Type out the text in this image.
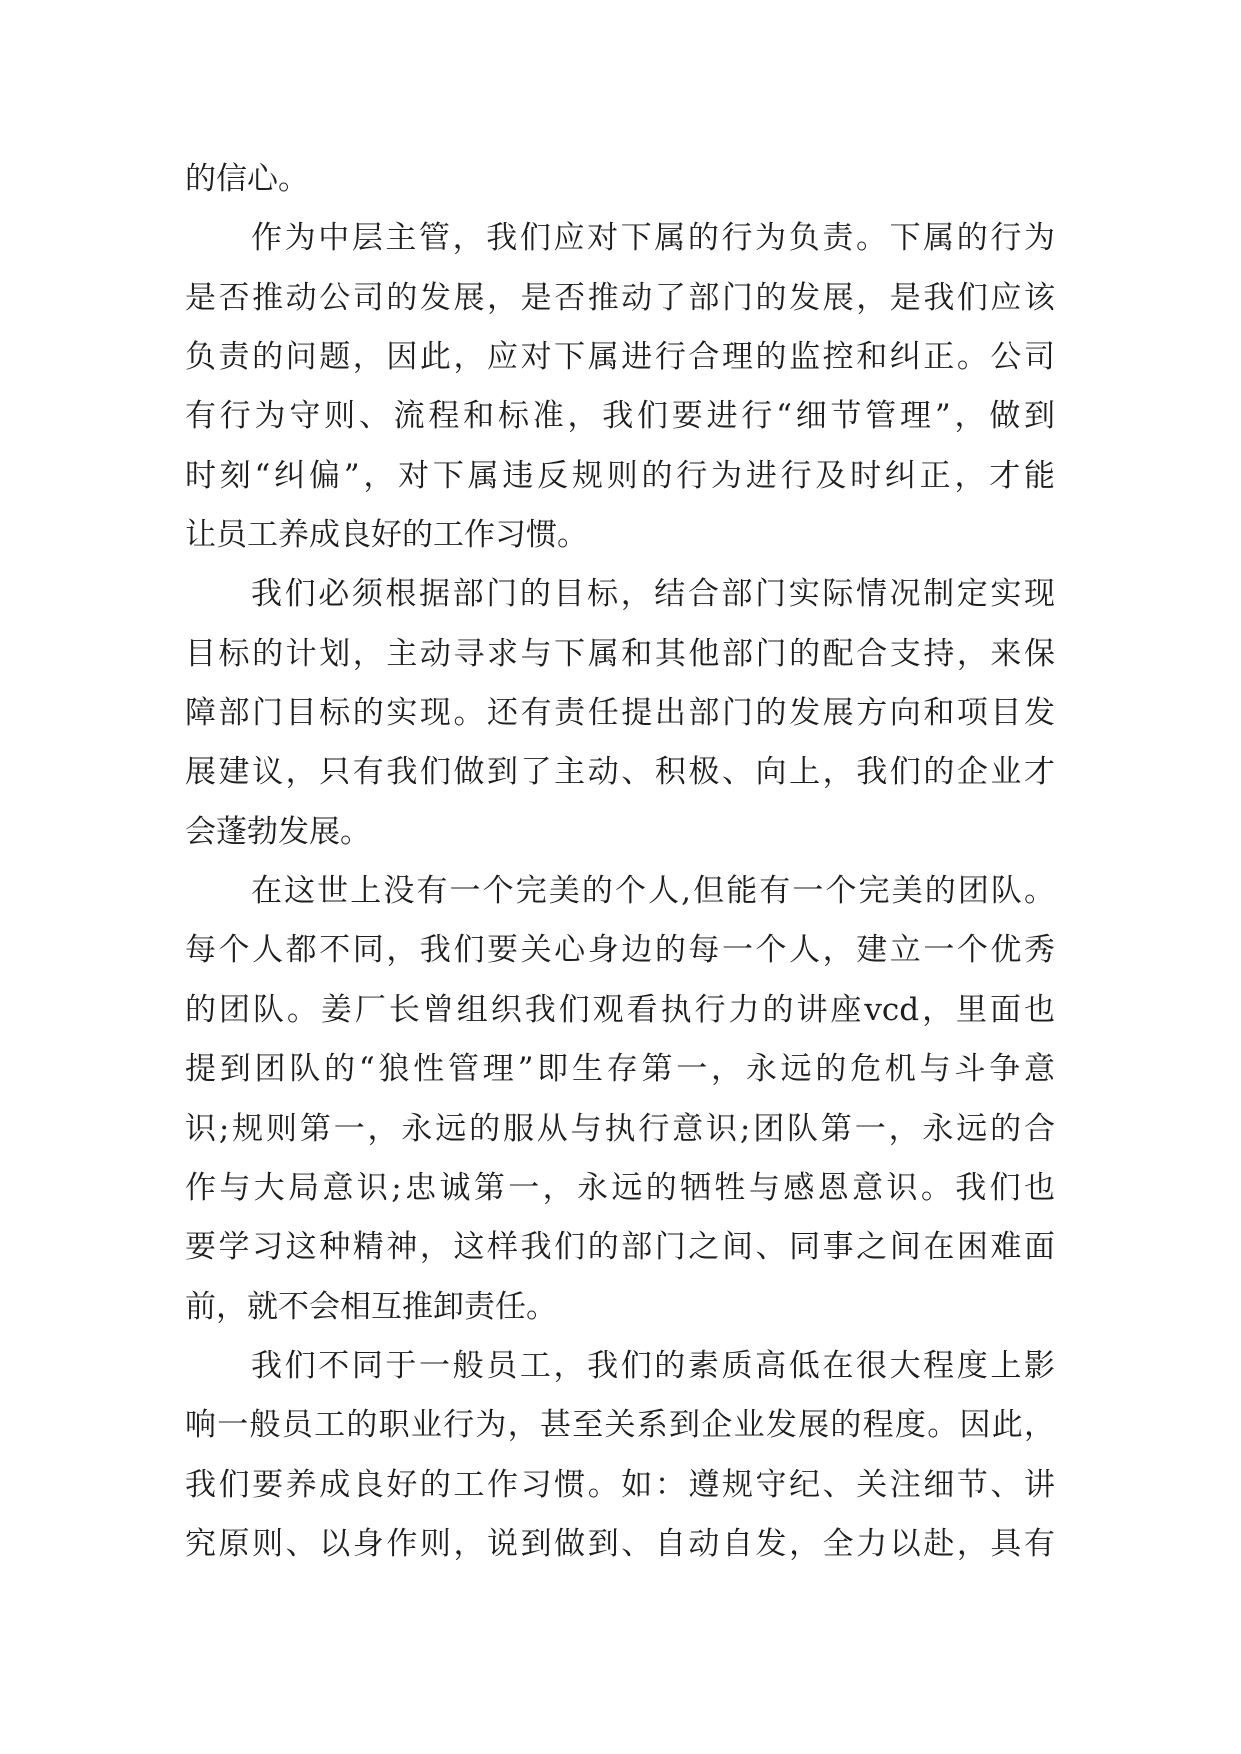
的信心。
作为中层主管，我们应对下属的行为负责。下属的行为
是否推动公司的发展，是否推动了部门的发展，是我们应该
负责的问题，因此，应对下属进行合理的监控和纠正。公司
有行为守则、流程和标准，我们要进行“细节管理”，做到
时刻“纠偏”，对下属违反规则的行为进行及时纠正，才能
让员工养成良好的工作习惯。
我们必须根据部门的目标，结合部门实际情况制定实现
目标的计划，主动寻求与下属和其他部门的配合支持，来保
障部门目标的实现。还有责任提出部门的发展方向和项目发
展建议，只有我们做到了主动、积极、向上，我们的企业才
会蓬勃发展。
在这世上没有一个完美的个人,但能有一个完美的团队。
每个人都不同，我们要关心身边的每一个人，建立一个优秀
的团队。姜厂长曾组织我们观看执行力的讲座vcd，里面也
提到团队的“狼性管理”即生存第一，永远的危机与斗争意
识;规则第一，永远的服从与执行意识;团队第一，永远的合
作与大局意识;忠诚第一，永远的牺牲与感恩意识。我们也
要学习这种精神，这样我们的部门之间、同事之间在困难面
前，就不会相互推卸责任。
我们不同于一般员工，我们的素质高低在很大程度上影
响一般员工的职业行为，甚至关系到企业发展的程度。因此，
我们要养成良好的工作习惯。如：遵规守纪、关注细节、讲
究原则、以身作则，说到做到、自动自发，全力以赴，具有
